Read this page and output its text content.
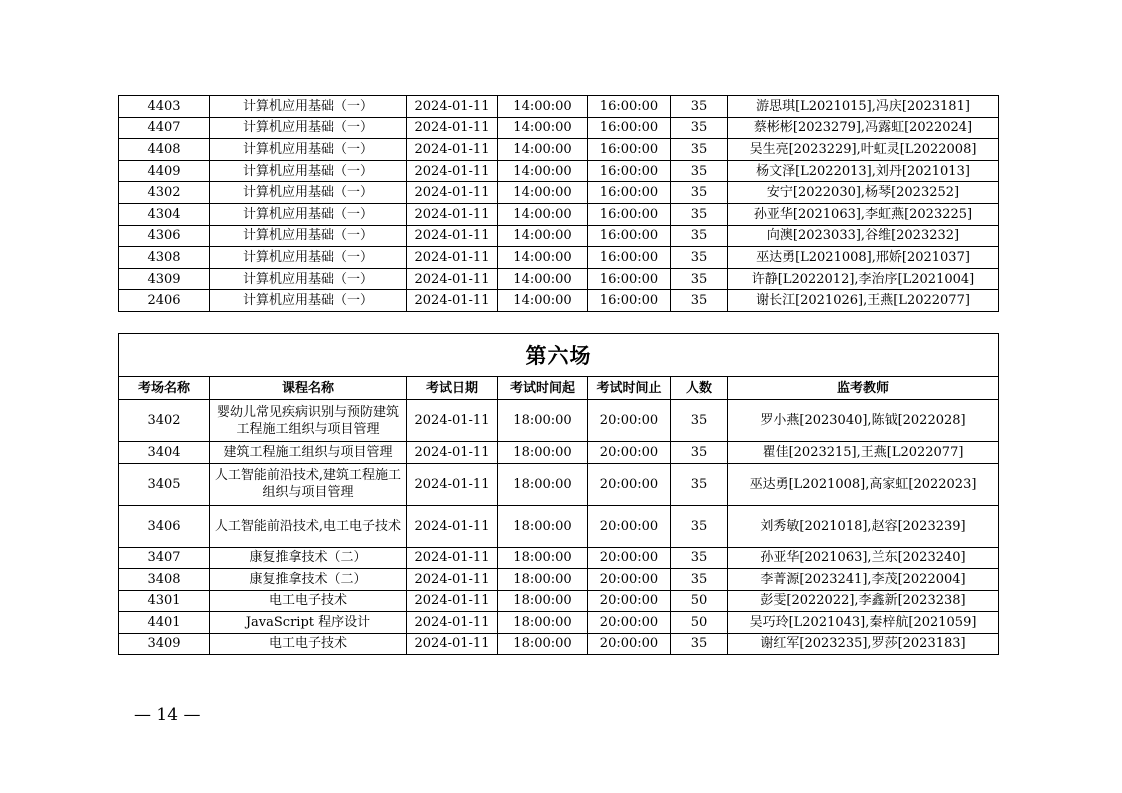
4403	计算机应用基础（一）	2024-01-11	14:00:00	16:00:00	35	游思琪[L2021015],冯庆[2023181]
4407	计算机应用基础（一）	2024-01-11	14:00:00	16:00:00	35	蔡彬彬[2023279],冯露虹[2022024]
4408	计算机应用基础（一）	2024-01-11	14:00:00	16:00:00	35	吴生亮[2023229],叶虹灵[L2022008]
4409	计算机应用基础（一）	2024-01-11	14:00:00	16:00:00	35	杨文泽[L2022013],刘丹[2021013]
4302	计算机应用基础（一）	2024-01-11	14:00:00	16:00:00	35	安宁[2022030],杨琴[2023252]
4304	计算机应用基础（一）	2024-01-11	14:00:00	16:00:00	35	孙亚华[2021063],李虹燕[2023225]
4306	计算机应用基础（一）	2024-01-11	14:00:00	16:00:00	35	向澳[2023033],谷维[2023232]
4308	计算机应用基础（一）	2024-01-11	14:00:00	16:00:00	35	巫达勇[L2021008],邢娇[2021037]
4309	计算机应用基础（一）	2024-01-11	14:00:00	16:00:00	35	许静[L2022012],李治序[L2021004]
2406	计算机应用基础（一）	2024-01-11	14:00:00	16:00:00	35	谢长江[2021026],王燕[L2022077]
第六场						
考场名称	课程名称	考试日期	考试时间起	考试时间止	人数	监考教师
3402	婴幼儿常见疾病识别与预防建筑工程施工组织与项目管理	2024-01-11	18:00:00	20:00:00	35	罗小燕[2023040],陈钺[2022028]
3404	建筑工程施工组织与项目管理	2024-01-11	18:00:00	20:00:00	35	瞿佳[2023215],王燕[L2022077]
3405	人工智能前沿技术,建筑工程施工组织与项目管理	2024-01-11	18:00:00	20:00:00	35	巫达勇[L2021008],高家虹[2022023]
3406	人工智能前沿技术,电工电子技术	2024-01-11	18:00:00	20:00:00	35	刘秀敏[2021018],赵容[2023239]
3407	康复推拿技术（二）	2024-01-11	18:00:00	20:00:00	35	孙亚华[2021063],兰东[2023240]
3408	康复推拿技术（二）	2024-01-11	18:00:00	20:00:00	35	李菁源[2023241],李茂[2022004]
4301	电工电子技术	2024-01-11	18:00:00	20:00:00	50	彭雯[2022022],李鑫新[2023238]
4401	JavaScript 程序设计	2024-01-11	18:00:00	20:00:00	50	吴巧玲[L2021043],秦梓航[2021059]
3409	电工电子技术	2024-01-11	18:00:00	20:00:00	35	谢红军[2023235],罗莎[2023183]
— 14 —
